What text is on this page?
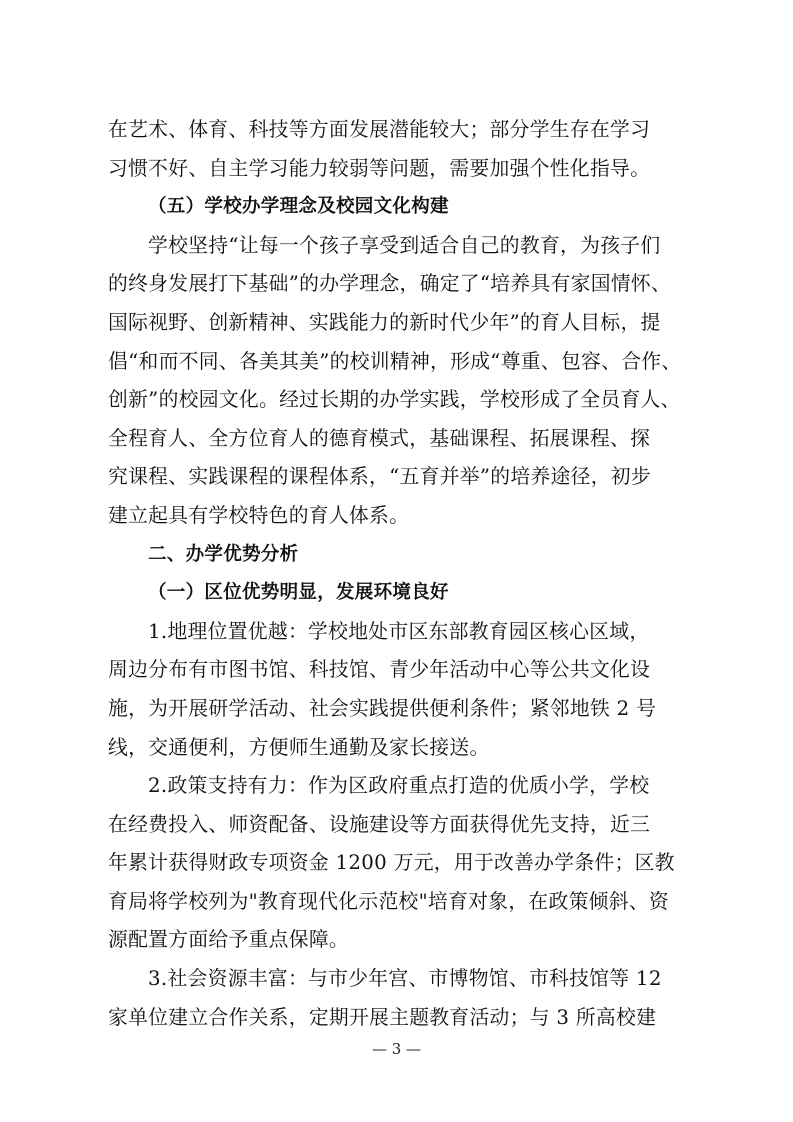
在艺术、体育、科技等方面发展潜能较大；部分学生存在学习
习惯不好、自主学习能力较弱等问题，需要加强个性化指导。
（五）学校办学理念及校园文化构建
学校坚持“让每一个孩子享受到适合自己的教育，为孩子们
的终身发展打下基础”的办学理念，确定了“培养具有家国情怀、
国际视野、创新精神、实践能力的新时代少年”的育人目标，提
倡“和而不同、各美其美”的校训精神，形成“尊重、包容、合作、
创新”的校园文化。经过长期的办学实践，学校形成了全员育人、
全程育人、全方位育人的德育模式，基础课程、拓展课程、探
究课程、实践课程的课程体系，“五育并举”的培养途径，初步
建立起具有学校特色的育人体系。
二、办学优势分析
（一）区位优势明显，发展环境良好
1.地理位置优越：学校地处市区东部教育园区核心区域，
周边分布有市图书馆、科技馆、青少年活动中心等公共文化设
施，为开展研学活动、社会实践提供便利条件；紧邻地铁 2 号
线，交通便利，方便师生通勤及家长接送。
2.政策支持有力：作为区政府重点打造的优质小学，学校
在经费投入、师资配备、设施建设等方面获得优先支持，近三
年累计获得财政专项资金 1200 万元，用于改善办学条件；区教
育局将学校列为"教育现代化示范校"培育对象，在政策倾斜、资
源配置方面给予重点保障。
3.社会资源丰富：与市少年宫、市博物馆、市科技馆等 12
家单位建立合作关系，定期开展主题教育活动；与 3 所高校建
— 3 —
